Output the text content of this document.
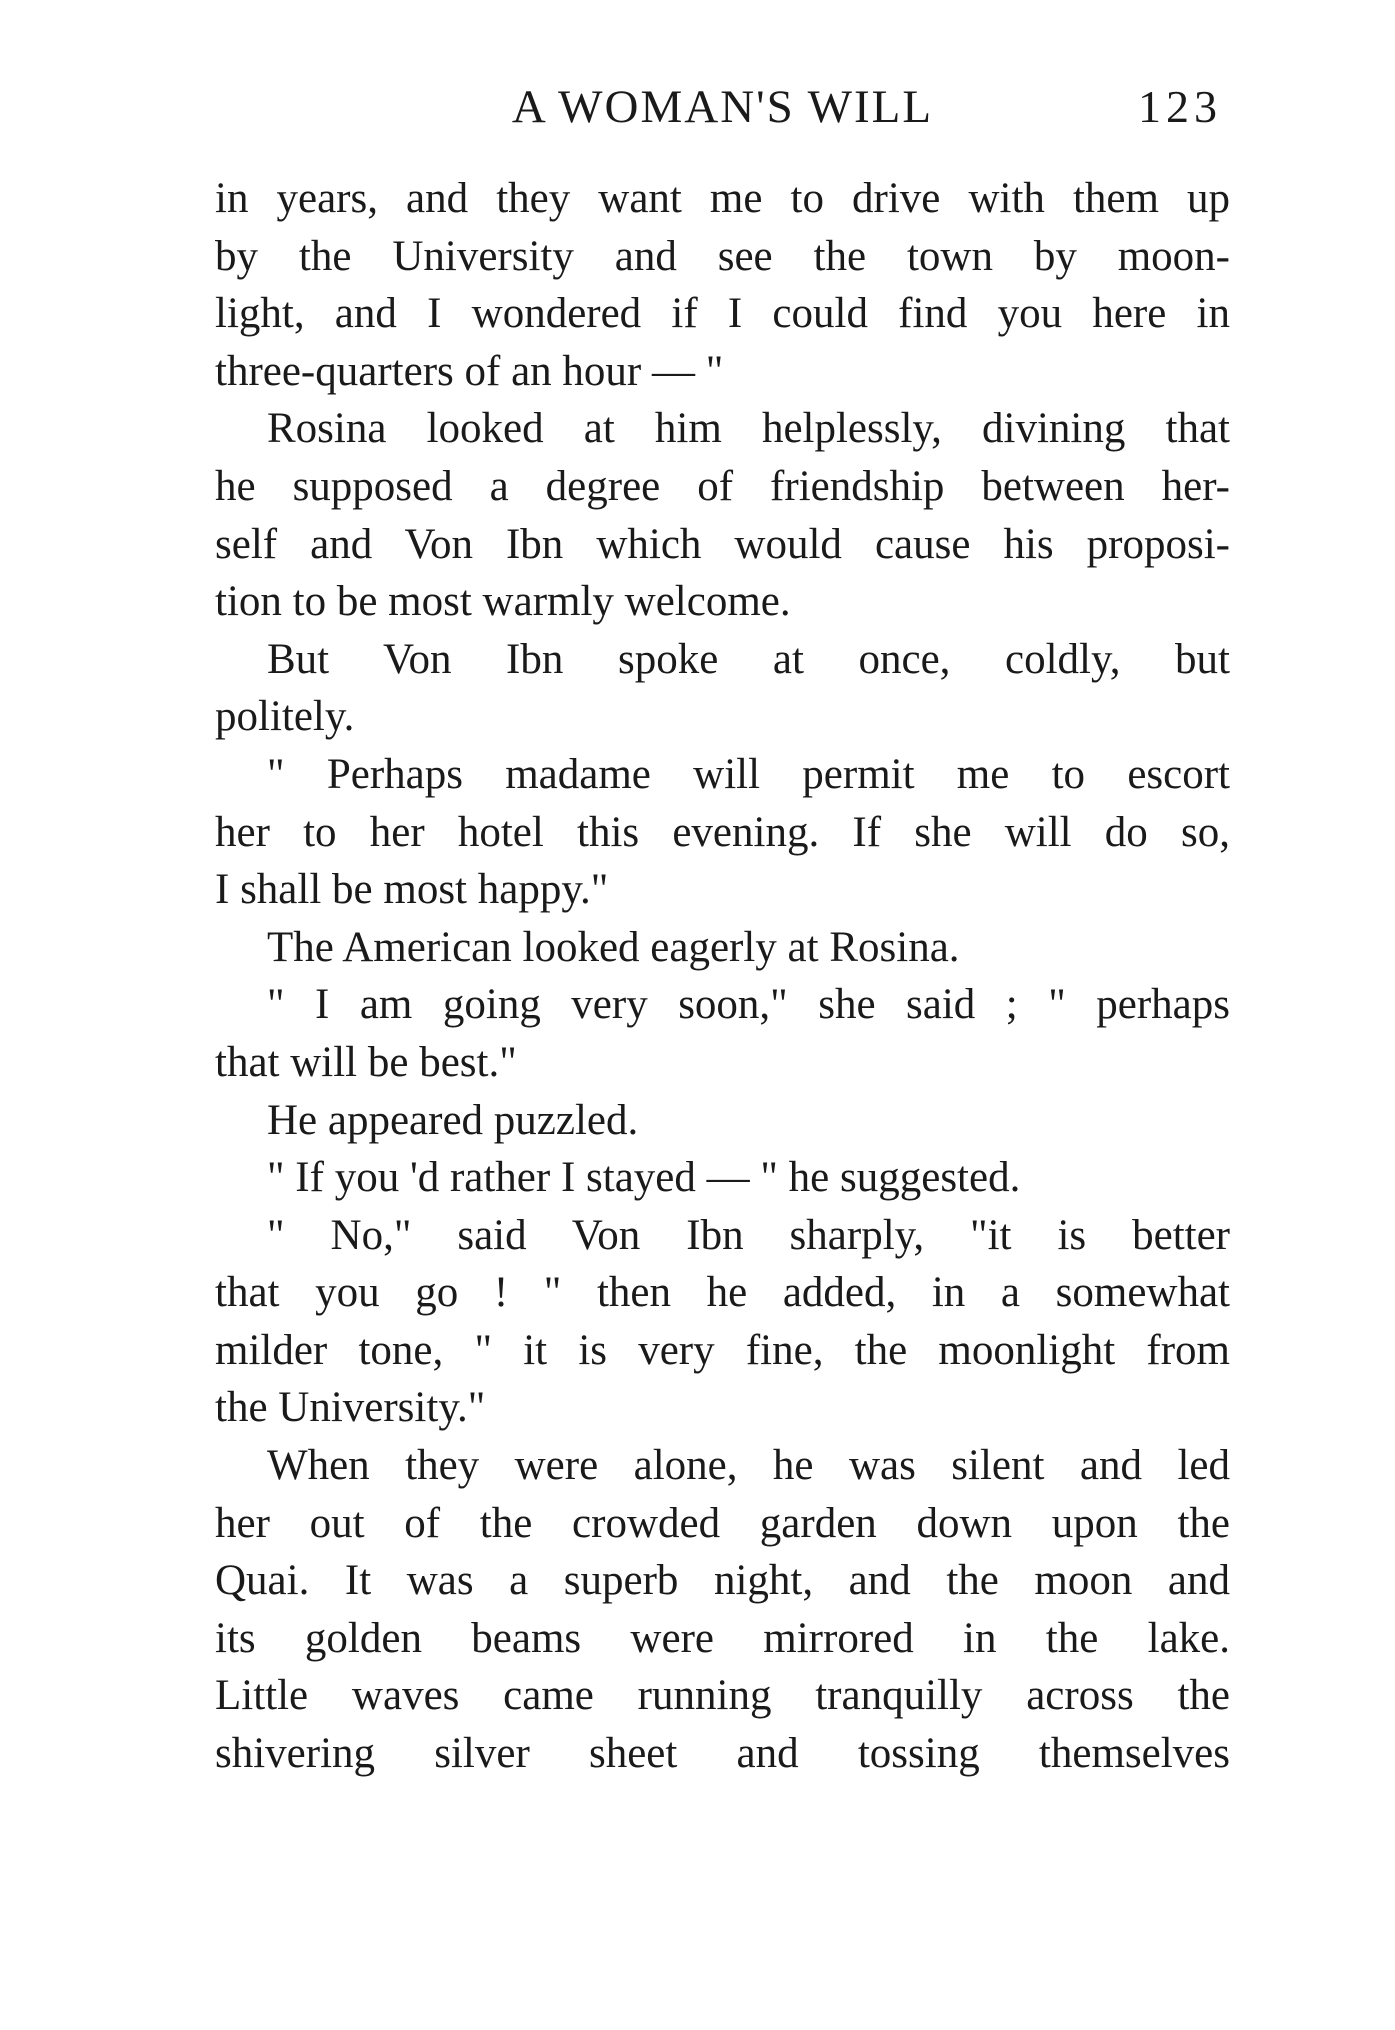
A WOMAN'S WILL	123
in years, and they want me to drive with them up
by the University and see the town by moon-
light, and I wondered if I could find you here in
three-quarters of an hour — "
Rosina looked at him helplessly, divining that
he supposed a degree of friendship between her-
self and Von Ibn which would cause his proposi-
tion to be most warmly welcome.
But Von Ibn spoke at once, coldly, but
politely.
" Perhaps madame will permit me to escort
her to her hotel this evening. If she will do so,
I shall be most happy."
The American looked eagerly at Rosina.
" I am going very soon," she said ; " perhaps
that will be best."
He appeared puzzled.
" If you 'd rather I stayed — " he suggested.
" No," said Von Ibn sharply, "it is better
that you go ! " then he added, in a somewhat
milder tone, " it is very fine, the moonlight from
the University."
When they were alone, he was silent and led
her out of the crowded garden down upon the
Quai. It was a superb night, and the moon and
its golden beams were mirrored in the lake.
Little waves came running tranquilly across the
shivering silver sheet and tossing themselves
